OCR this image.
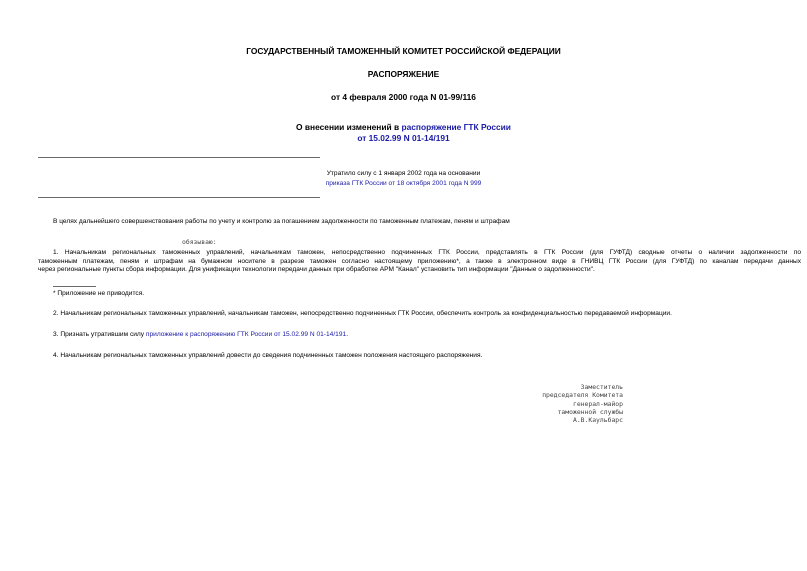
ГОСУДАРСТВЕННЫЙ ТАМОЖЕННЫЙ КОМИТЕТ РОССИЙСКОЙ ФЕДЕРАЦИИ
РАСПОРЯЖЕНИЕ
от 4 февраля 2000 года N 01-99/116
О внесении изменений в распоряжение ГТК России
от 15.02.99 N 01-14/191
Утратило силу с 1 января 2002 года на основании
приказа ГТК России от 18 октября 2001 года N 999
В целях дальнейшего совершенствования работы по учету и контролю за погашением задолженности по таможенным платежам, пеням и штрафам
обязываю:
1. Начальникам региональных таможенных управлений, начальникам таможен, непосредственно подчиненных ГТК России, представлять в ГТК России (для ГУФТД) сводные отчеты о наличии задолженности по
таможенным платежам, пеням и штрафам на бумажном носителе в разрезе таможен согласно настоящему приложению*, а также в электронном виде в ГНИВЦ ГТК России (для ГУФТД) по каналам передачи данных
через региональные пункты сбора информации. Для унификации технологии передачи данных при обработке АРМ "Канал" установить тип информации "Данные о задолженности".
* Приложение не приводится.
2. Начальникам региональных таможенных управлений, начальникам таможен, непосредственно подчиненных ГТК России, обеспечить контроль за конфиденциальностью передаваемой информации.
3. Признать утратившим силу приложение к распоряжению ГТК России от 15.02.99 N 01-14/191.
4. Начальникам региональных таможенных управлений довести до сведения подчиненных таможен положения настоящего распоряжения.
Заместитель
председателя Комитета
генерал-майор
таможенной службы
А.В.Каульбарс
